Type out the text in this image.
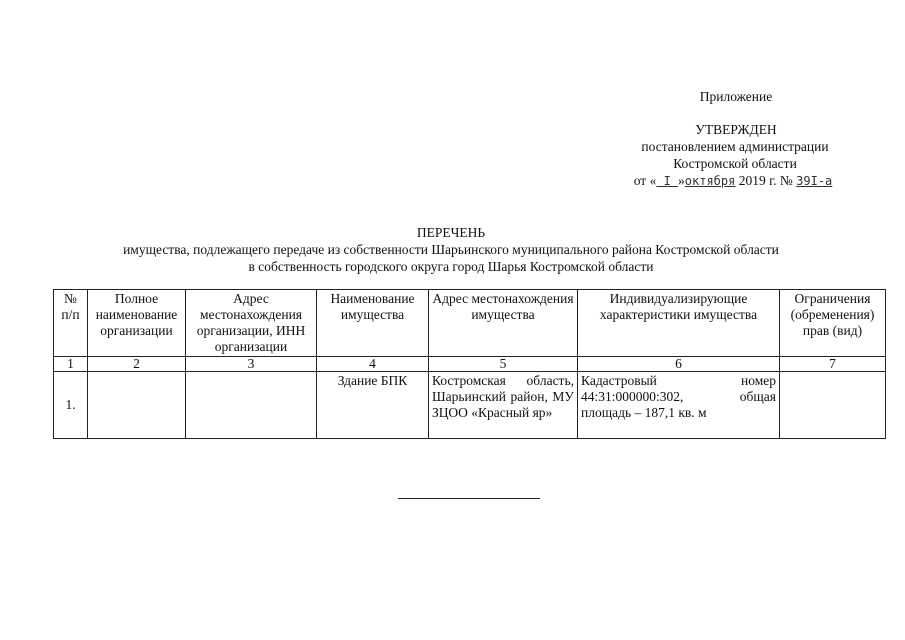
Приложение
УТВЕРЖДЕН
постановлением администрации
Костромской области
от « I »октября 2019 г. № 39I-а
ПЕРЕЧЕНЬ
имущества, подлежащего передаче из собственности Шарьинского муниципального района Костромской области
в собственность городского округа город Шарья Костромской области
№ п/п	Полное наименование организации	Адрес местонахождения организации, ИНН организации	Наименование имущества	Адрес местонахождения имущества	Индивидуализирующие характеристики имущества	Ограничения (обременения) прав (вид)
1	2	3	4	5	6	7
1.			Здание БПК	Костромская область, Шарьинский район, МУ ЗЦОО «Красный яр»	Кадастровый номер 44:31:000000:302, общая площадь – 187,1 кв. м	
